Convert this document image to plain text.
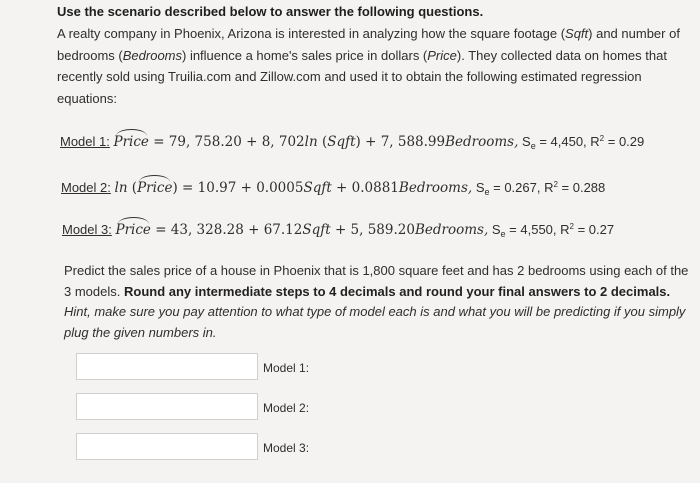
Use the scenario described below to answer the following questions.
A realty company in Phoenix, Arizona is interested in analyzing how the square footage (Sqft) and number of bedrooms (Bedrooms) influence a home's sales price in dollars (Price). They collected data on homes that recently sold using Truilia.com and Zillow.com and used it to obtain the following estimated regression equations:
Model 1: Price = 79, 758.20 + 8, 702ln (Sqft) + 7, 588.99Bedrooms, $S_e = 4,450$, $R^2 = 0.29$
Model 2: ln (Price) = 10.97 + 0.0005Sqft + 0.0881Bedrooms, $S_e = 0.267$, $R^2 = 0.288$
Model 3: Price = 43, 328.28 + 67.12Sqft + 5, 589.20Bedrooms, $S_e = 4,550$, $R^2 = 0.27$
Predict the sales price of a house in Phoenix that is 1,800 square feet and has 2 bedrooms using each of the 3 models. Round any intermediate steps to 4 decimals and round your final answers to 2 decimals. Hint, make sure you pay attention to what type of model each is and what you will be predicting if you simply plug the given numbers in.
Model 1:
Model 2:
Model 3:
